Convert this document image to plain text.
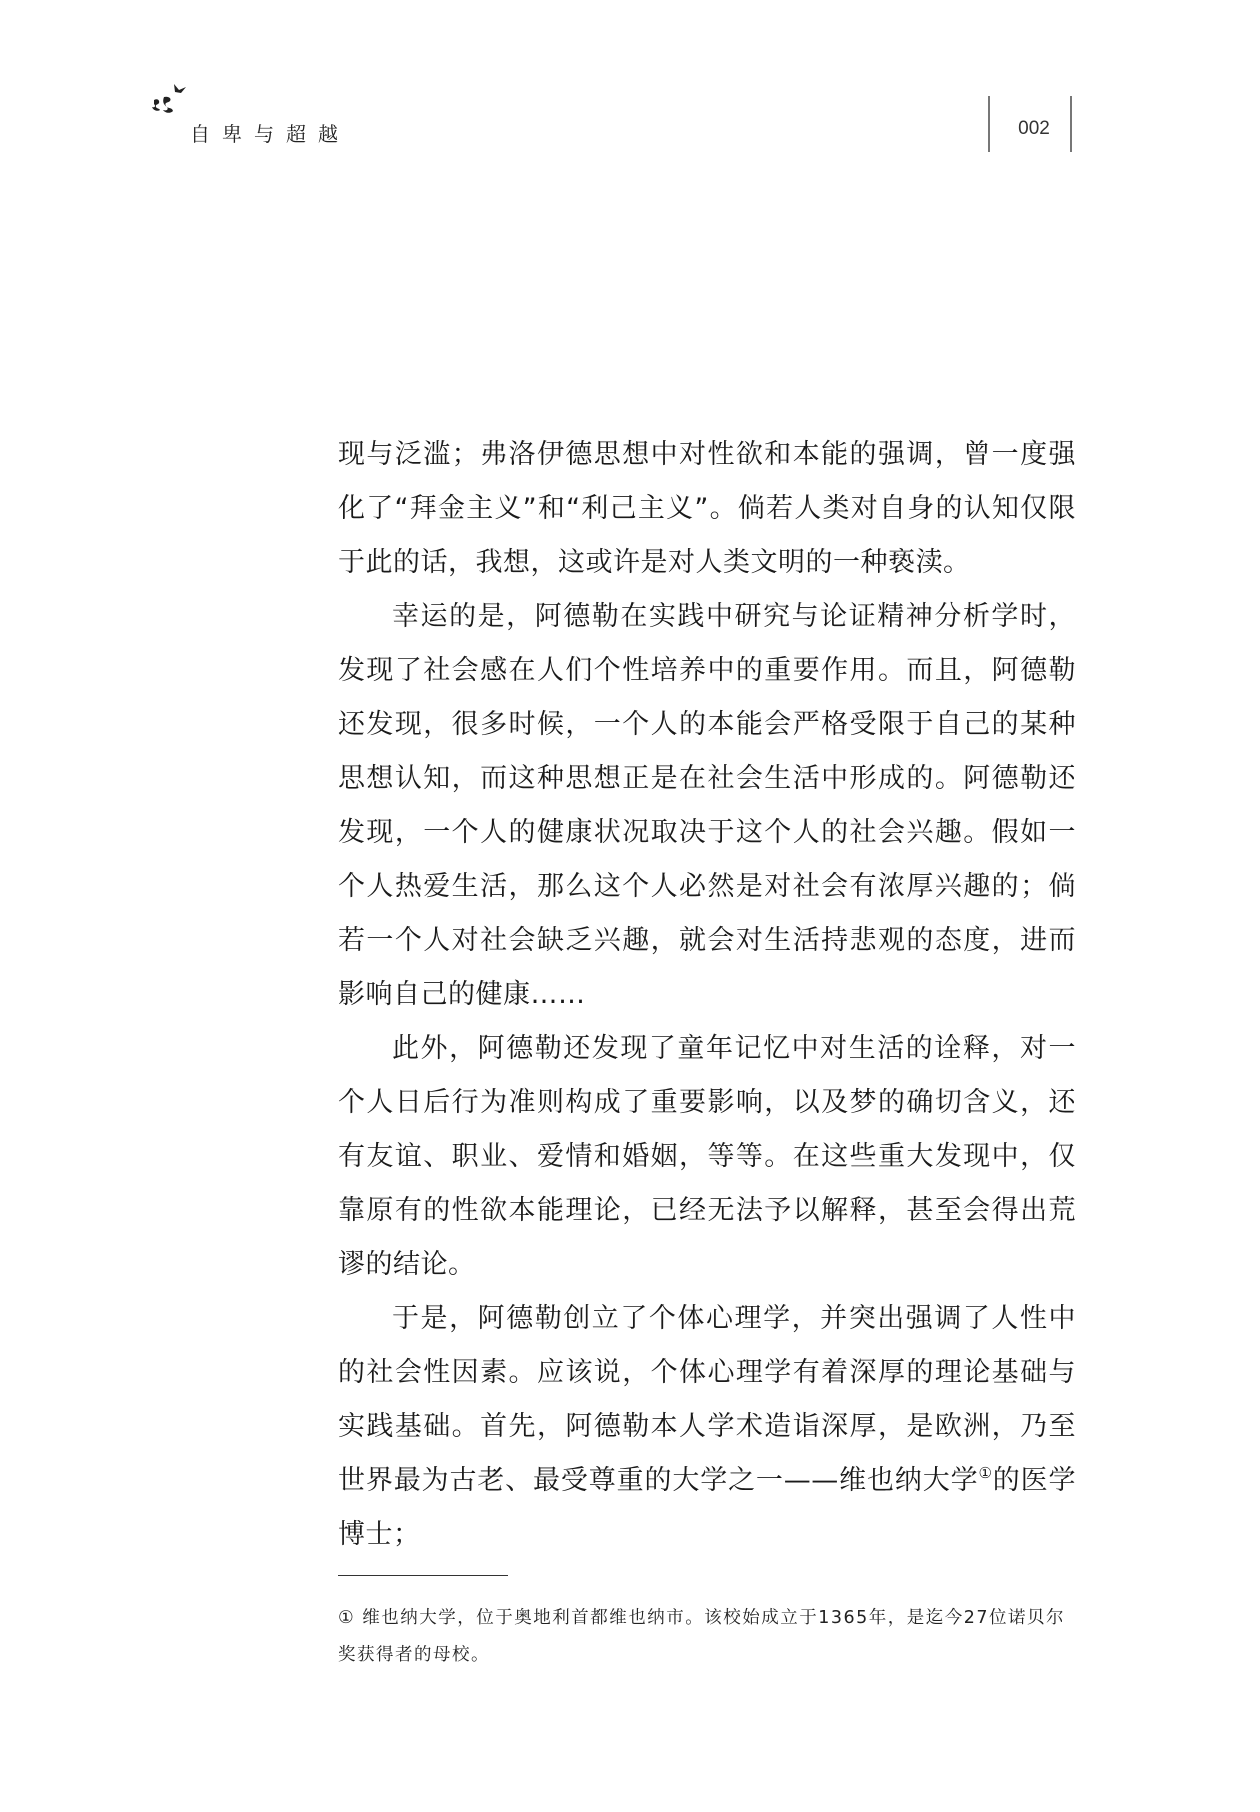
自卑与超越	002

现与泛滥；弗洛伊德思想中对性欲和本能的强调，曾一度强化了“拜金主义”和“利己主义”。倘若人类对自身的认知仅限于此的话，我想，这或许是对人类文明的一种亵渎。

幸运的是，阿德勒在实践中研究与论证精神分析学时，发现了社会感在人们个性培养中的重要作用。而且，阿德勒还发现，很多时候，一个人的本能会严格受限于自己的某种思想认知，而这种思想正是在社会生活中形成的。阿德勒还发现，一个人的健康状况取决于这个人的社会兴趣。假如一个人热爱生活，那么这个人必然是对社会有浓厚兴趣的；倘若一个人对社会缺乏兴趣，就会对生活持悲观的态度，进而影响自己的健康……

此外，阿德勒还发现了童年记忆中对生活的诠释，对一个人日后行为准则构成了重要影响，以及梦的确切含义，还有友谊、职业、爱情和婚姻，等等。在这些重大发现中，仅靠原有的性欲本能理论，已经无法予以解释，甚至会得出荒谬的结论。

于是，阿德勒创立了个体心理学，并突出强调了人性中的社会性因素。应该说，个体心理学有着深厚的理论基础与实践基础。首先，阿德勒本人学术造诣深厚，是欧洲，乃至世界最为古老、最受尊重的大学之一——维也纳大学①的医学博士；

① 维也纳大学，位于奥地利首都维也纳市。该校始成立于1365年，是迄今27位诺贝尔奖获得者的母校。
